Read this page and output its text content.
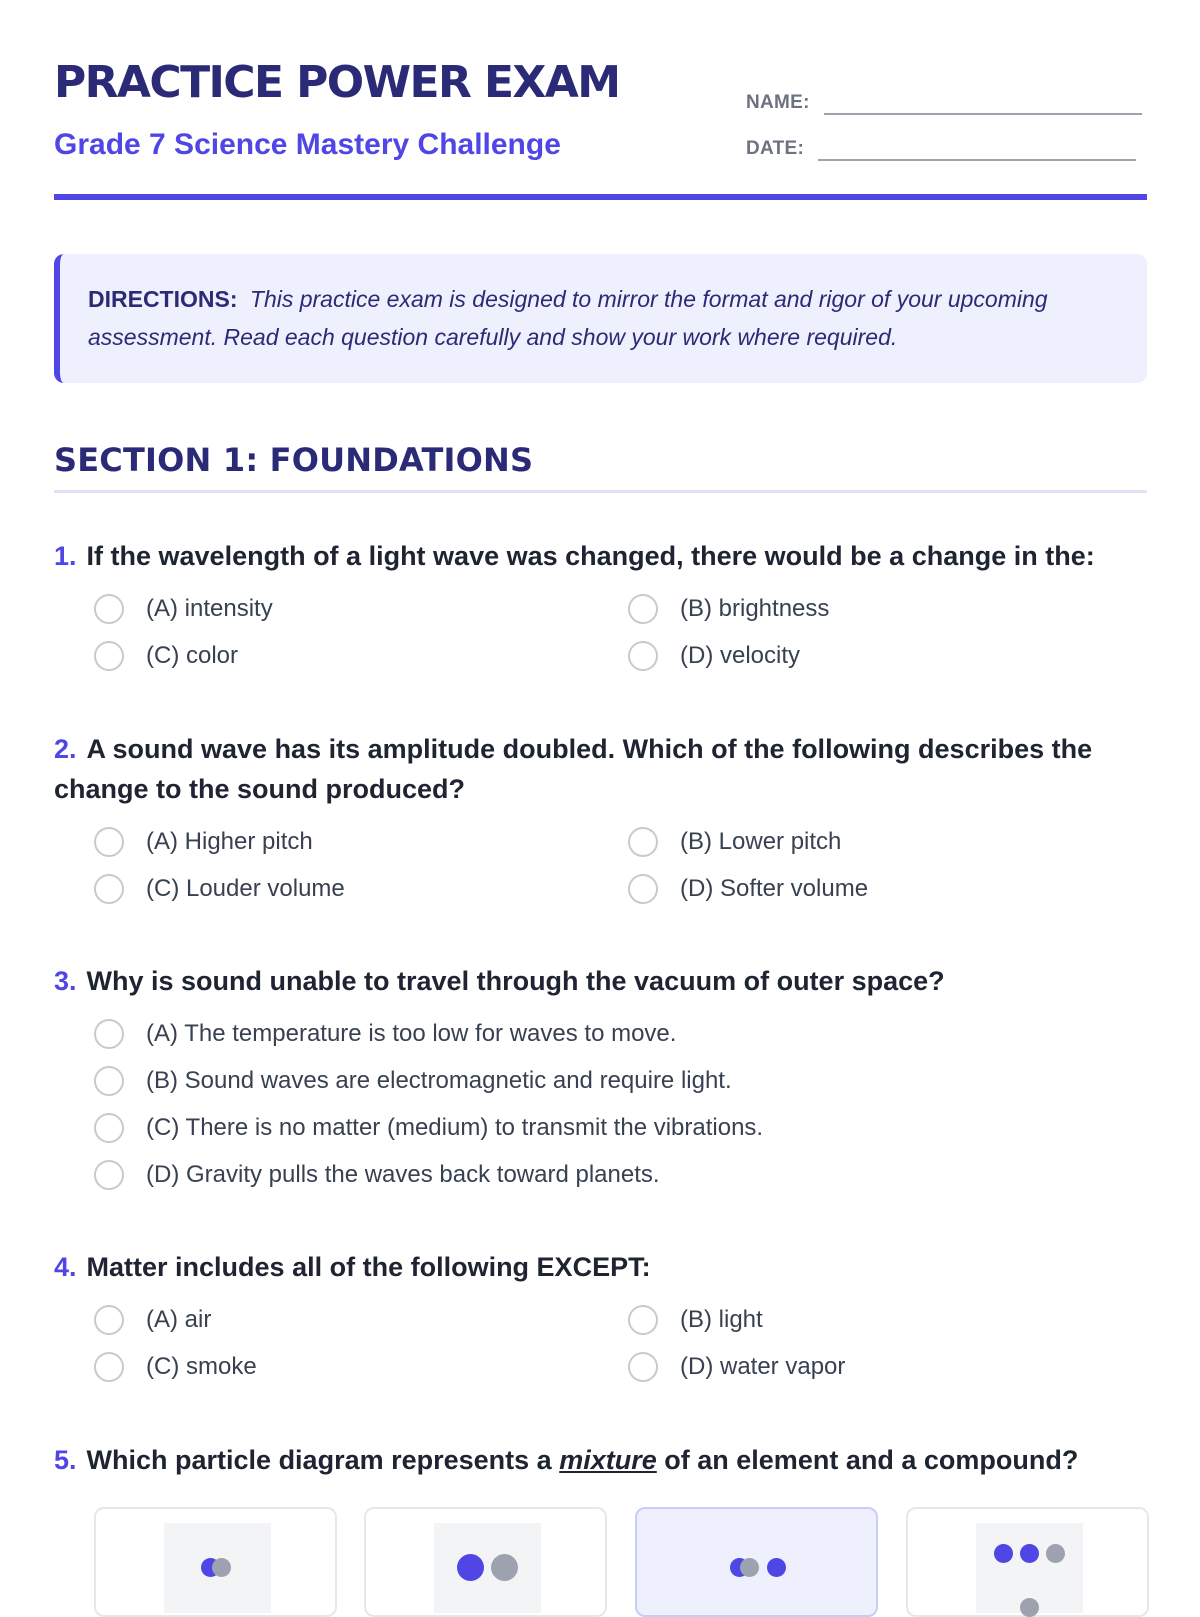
PRACTICE POWER EXAM
Grade 7 Science Mastery Challenge
NAME:
DATE:

DIRECTIONS: This practice exam is designed to mirror the format and rigor of your upcoming assessment. Read each question carefully and show your work where required.

SECTION 1: FOUNDATIONS

1. If the wavelength of a light wave was changed, there would be a change in the:

(A) intensity	(B) brightness
(C) color	(D) velocity

2. A sound wave has its amplitude doubled. Which of the following describes the change to the sound produced?

(A) Higher pitch	(B) Lower pitch
(C) Louder volume	(D) Softer volume

3. Why is sound unable to travel through the vacuum of outer space?

(A) The temperature is too low for waves to move.
(B) Sound waves are electromagnetic and require light.
(C) There is no matter (medium) to transmit the vibrations.
(D) Gravity pulls the waves back toward planets.

4. Matter includes all of the following EXCEPT:

(A) air	(B) light
(C) smoke	(D) water vapor

5. Which particle diagram represents a mixture of an element and a compound?
